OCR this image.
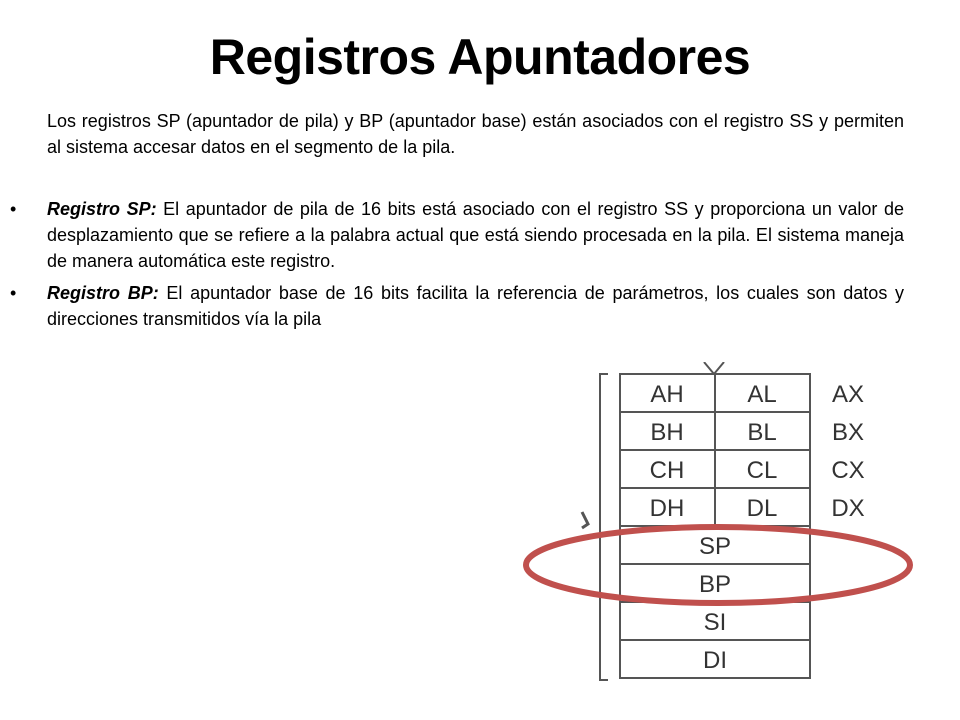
Registros Apuntadores

Los registros SP (apuntador de pila) y BP (apuntador base) están asociados con el registro SS y permiten al sistema accesar datos en el segmento de la pila.

•	Registro SP: El apuntador de pila de 16 bits está asociado con el registro SS y proporciona un valor de desplazamiento que se refiere a la palabra actual que está siendo procesada en la pila. El sistema maneja de manera automática este registro.
•	Registro BP: El apuntador base de 16 bits facilita la referencia de parámetros, los cuales son datos y direcciones transmitidos vía la pila
AH	AL AX
BH	BL BX
CH	CL CX
DH	DL DX
SP
BP
SI
DI
